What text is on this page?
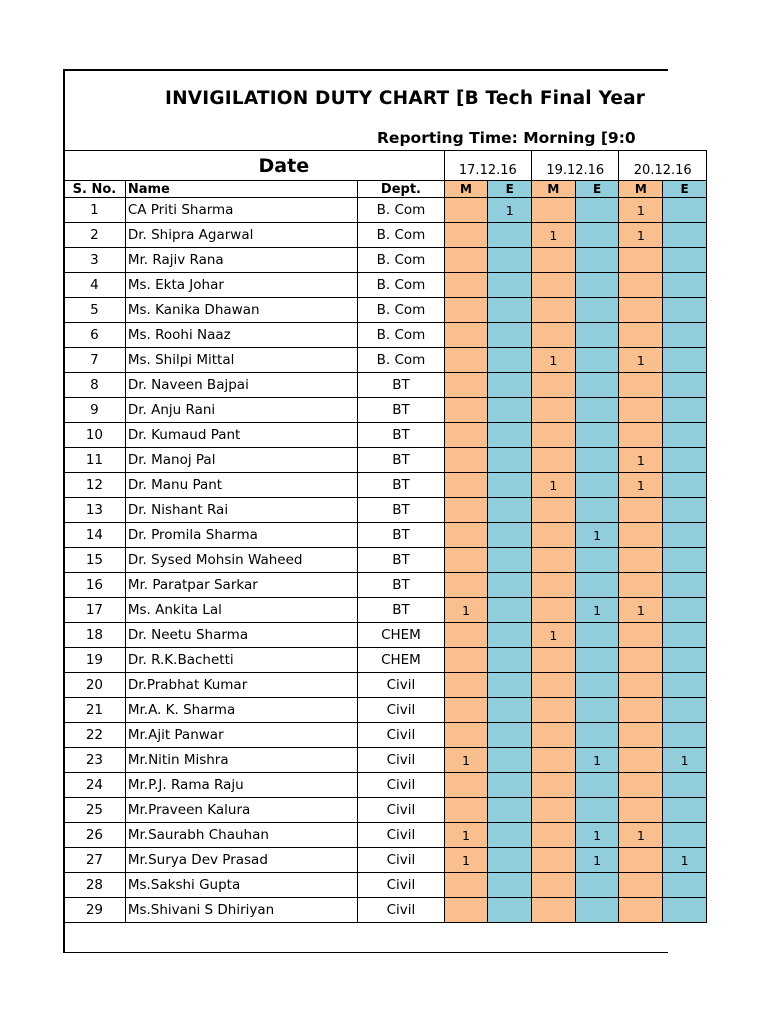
INVIGILATION DUTY CHART [B Tech Final Year
Reporting Time: Morning [9:0
Date			17.12.16		19.12.16		20.12.16	
S. No.	Name	Dept.	M	E	M	E	M	E
1	CA Priti Sharma	B. Com		1			1	
2	Dr. Shipra Agarwal	B. Com			1		1	
3	Mr. Rajiv Rana	B. Com						
4	Ms. Ekta Johar	B. Com						
5	Ms. Kanika Dhawan	B. Com						
6	Ms. Roohi Naaz	B. Com						
7	Ms. Shilpi Mittal	B. Com			1		1	
8	Dr. Naveen Bajpai	BT						
9	Dr. Anju Rani	BT						
10	Dr. Kumaud Pant	BT						
11	Dr. Manoj Pal	BT					1	
12	Dr. Manu Pant	BT			1		1	
13	Dr. Nishant Rai	BT						
14	Dr. Promila Sharma	BT				1		
15	Dr. Sysed Mohsin Waheed	BT						
16	Mr. Paratpar Sarkar	BT						
17	Ms. Ankita Lal	BT	1			1	1	
18	Dr. Neetu Sharma	CHEM			1			
19	Dr. R.K.Bachetti	CHEM						
20	Dr.Prabhat Kumar	Civil						
21	Mr.A. K. Sharma	Civil						
22	Mr.Ajit Panwar	Civil						
23	Mr.Nitin Mishra	Civil	1			1		1
24	Mr.P.J. Rama Raju	Civil						
25	Mr.Praveen Kalura	Civil						
26	Mr.Saurabh Chauhan	Civil	1			1	1	
27	Mr.Surya Dev Prasad	Civil	1			1		1
28	Ms.Sakshi Gupta	Civil						
29	Ms.Shivani S Dhiriyan	Civil						
